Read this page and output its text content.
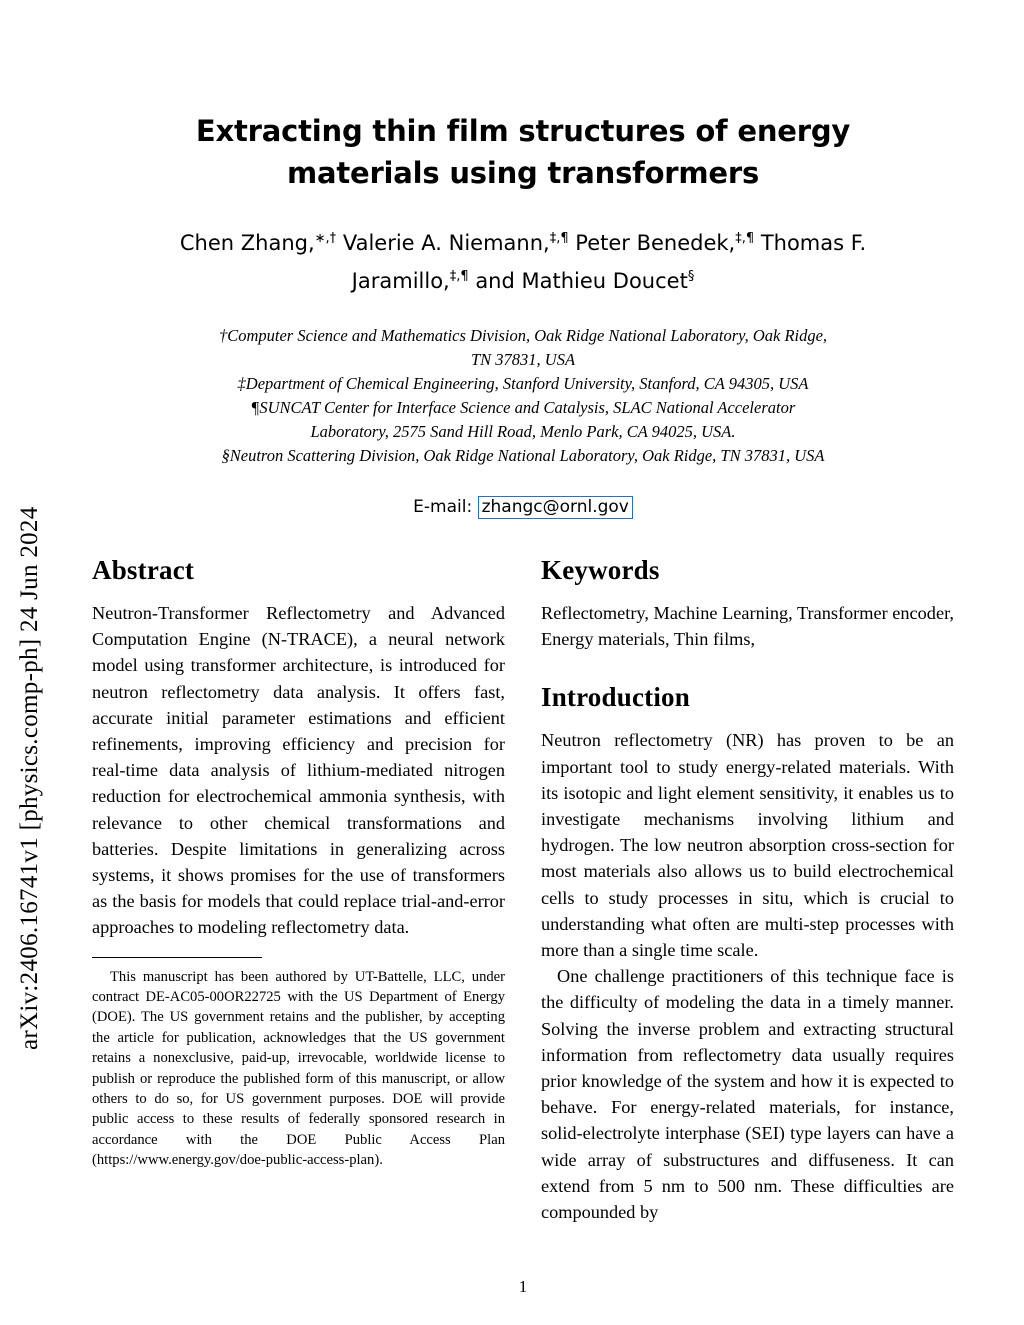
arXiv:2406.16741v1 [physics.comp-ph] 24 Jun 2024
Extracting thin film structures of energy
materials using transformers
Chen Zhang,∗,† Valerie A. Niemann,‡,¶ Peter Benedek,‡,¶ Thomas F.
Jaramillo,‡,¶ and Mathieu Doucet§
†Computer Science and Mathematics Division, Oak Ridge National Laboratory, Oak Ridge,
TN 37831, USA
‡Department of Chemical Engineering, Stanford University, Stanford, CA 94305, USA
¶SUNCAT Center for Interface Science and Catalysis, SLAC National Accelerator
Laboratory, 2575 Sand Hill Road, Menlo Park, CA 94025, USA.
§Neutron Scattering Division, Oak Ridge National Laboratory, Oak Ridge, TN 37831, USA
E-mail: zhangc@ornl.gov
Abstract

Neutron-Transformer Reflectometry and Advanced Computation Engine (N-TRACE), a neural network model using transformer architecture, is introduced for neutron reflectometry data analysis. It offers fast, accurate initial parameter estimations and efficient refinements, improving efficiency and precision for real-time data analysis of lithium-mediated nitrogen reduction for electrochemical ammonia synthesis, with relevance to other chemical transformations and batteries. Despite limitations in generalizing across systems, it shows promises for the use of transformers as the basis for models that could replace trial-and-error approaches to modeling reflectometry data.

This manuscript has been authored by UT-Battelle, LLC, under contract DE-AC05-00OR22725 with the US Department of Energy (DOE). The US government retains and the publisher, by accepting the article for publication, acknowledges that the US government retains a nonexclusive, paid-up, irrevocable, worldwide license to publish or reproduce the published form of this manuscript, or allow others to do so, for US government purposes. DOE will provide public access to these results of federally sponsored research in accordance with the DOE Public Access Plan (https://www.energy.gov/doe-public-access-plan).

Keywords

Reflectometry, Machine Learning, Transformer encoder, Energy materials, Thin films,

Introduction

Neutron reflectometry (NR) has proven to be an important tool to study energy-related materials. With its isotopic and light element sensitivity, it enables us to investigate mechanisms involving lithium and hydrogen. The low neutron absorption cross-section for most materials also allows us to build electrochemical cells to study processes in situ, which is crucial to understanding what often are multi-step processes with more than a single time scale.

One challenge practitioners of this technique face is the difficulty of modeling the data in a timely manner. Solving the inverse problem and extracting structural information from reflectometry data usually requires prior knowledge of the system and how it is expected to behave. For energy-related materials, for instance, solid-electrolyte interphase (SEI) type layers can have a wide array of substructures and diffuseness. It can extend from 5 nm to 500 nm. These difficulties are compounded by

1
